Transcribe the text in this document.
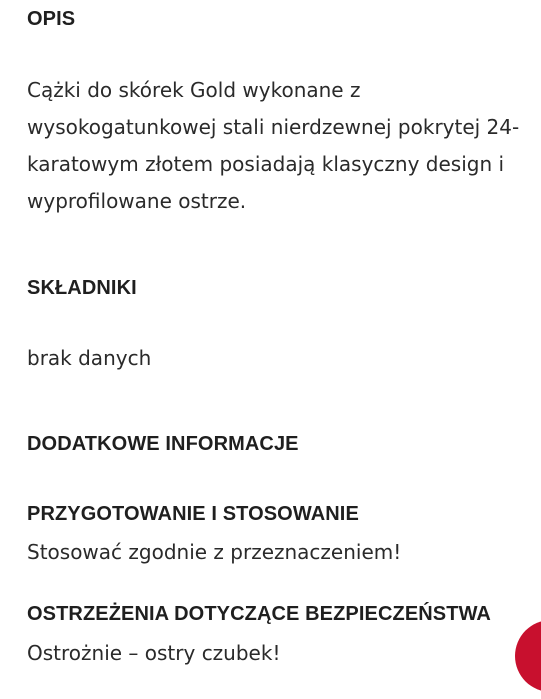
OPIS

Cążki do skórek Gold wykonane z
wysokogatunkowej stali nierdzewnej pokrytej 24-
karatowym złotem posiadają klasyczny design i
wyprofilowane ostrze.

SKŁADNIKI

brak danych

DODATKOWE INFORMACJE
PRZYGOTOWANIE I STOSOWANIE

Stosować zgodnie z przeznaczeniem!

OSTRZEŻENIA DOTYCZĄCE BEZPIECZEŃSTWA

Ostrożnie – ostry czubek!
